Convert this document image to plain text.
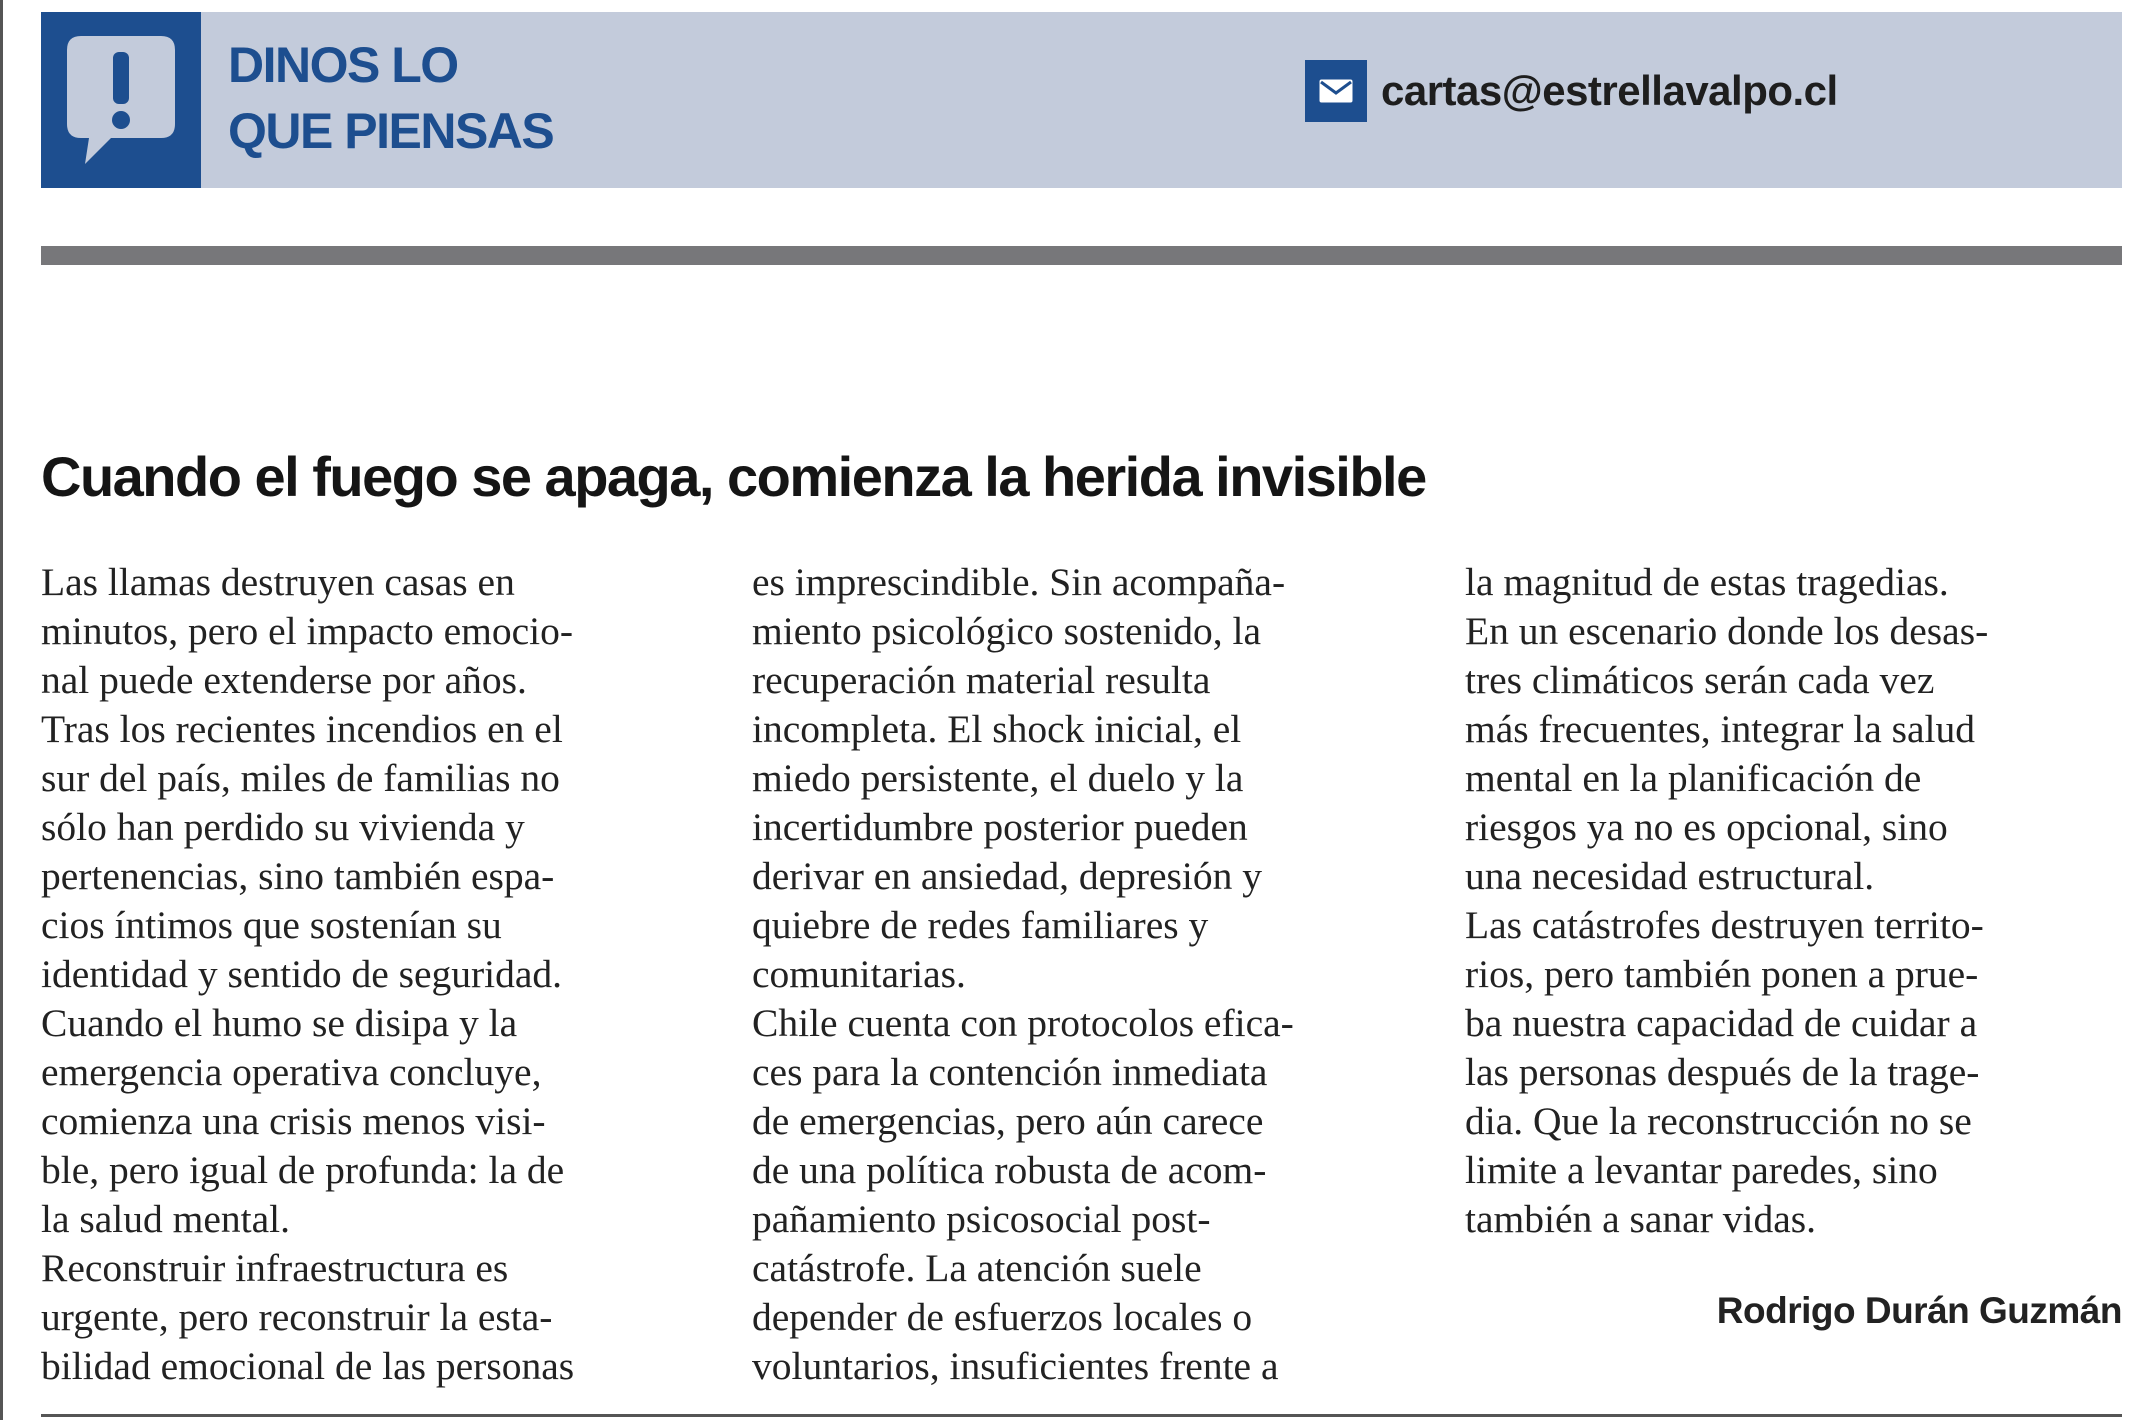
DINOS LO
QUE PIENSAS
cartas@estrellavalpo.cl
Cuando el fuego se apaga, comienza la herida invisible
Las llamas destruyen casas en
minutos, pero el impacto emocio-
nal puede extenderse por años.
Tras los recientes incendios en el
sur del país, miles de familias no
sólo han perdido su vivienda y
pertenencias, sino también espa-
cios íntimos que sostenían su
identidad y sentido de seguridad.
Cuando el humo se disipa y la
emergencia operativa concluye,
comienza una crisis menos visi-
ble, pero igual de profunda: la de
la salud mental.
Reconstruir infraestructura es
urgente, pero reconstruir la esta-
bilidad emocional de las personas
es imprescindible. Sin acompaña-
miento psicológico sostenido, la
recuperación material resulta
incompleta. El shock inicial, el
miedo persistente, el duelo y la
incertidumbre posterior pueden
derivar en ansiedad, depresión y
quiebre de redes familiares y
comunitarias.
Chile cuenta con protocolos efica-
ces para la contención inmediata
de emergencias, pero aún carece
de una política robusta de acom-
pañamiento psicosocial post-
catástrofe. La atención suele
depender de esfuerzos locales o
voluntarios, insuficientes frente a
la magnitud de estas tragedias.
En un escenario donde los desas-
tres climáticos serán cada vez
más frecuentes, integrar la salud
mental en la planificación de
riesgos ya no es opcional, sino
una necesidad estructural.
Las catástrofes destruyen territo-
rios, pero también ponen a prue-
ba nuestra capacidad de cuidar a
las personas después de la trage-
dia. Que la reconstrucción no se
limite a levantar paredes, sino
también a sanar vidas.
Rodrigo Durán Guzmán
